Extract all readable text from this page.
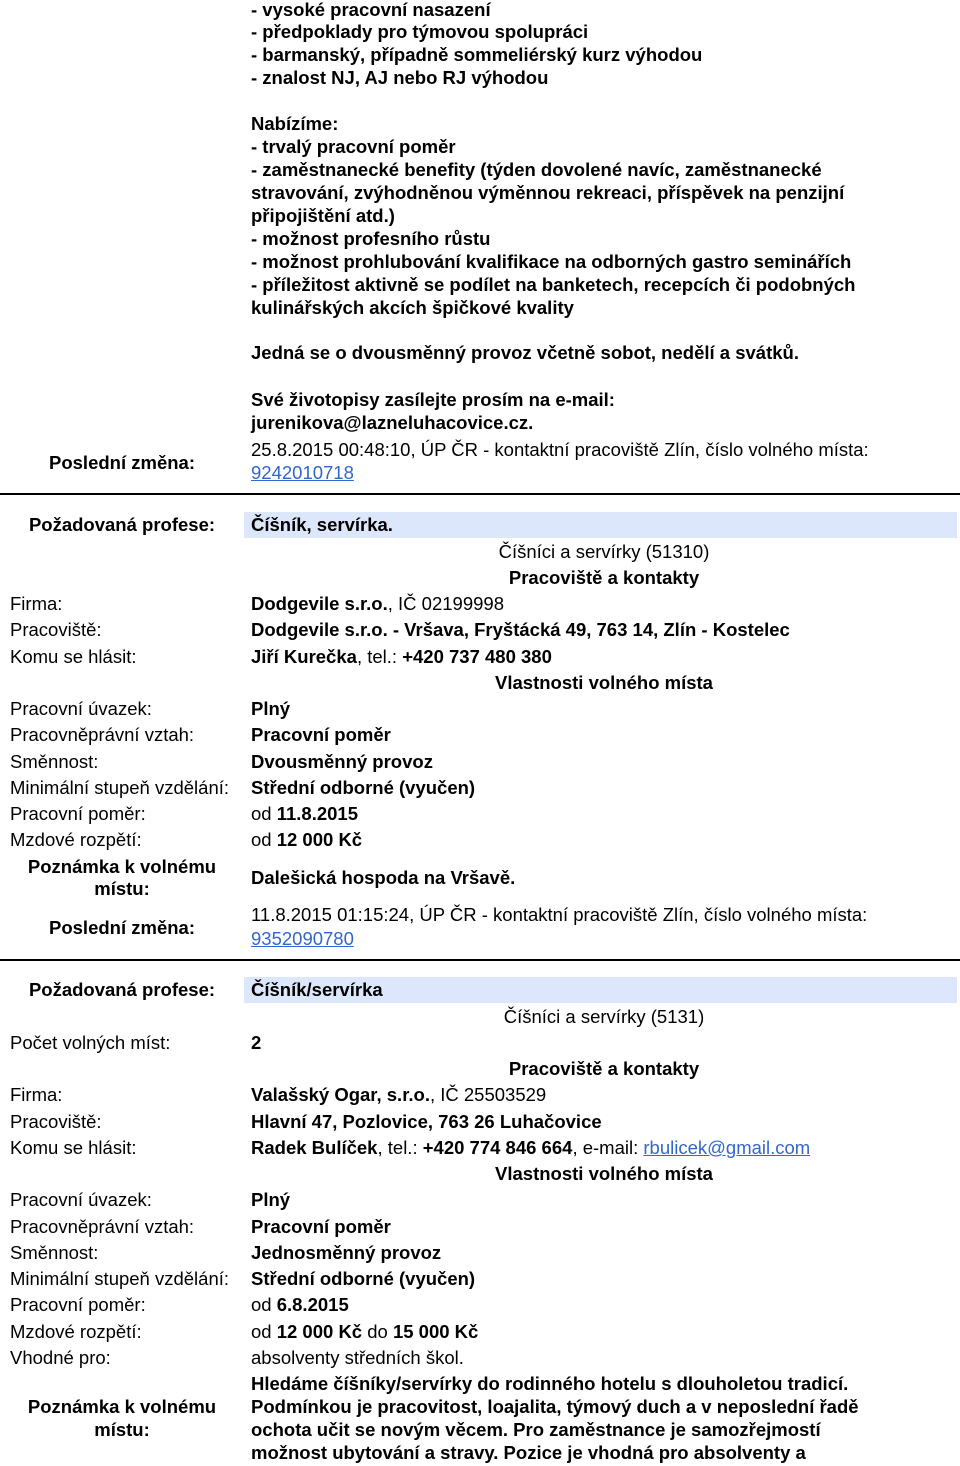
- vysoké pracovní nasazení
- předpoklady pro týmovou spolupráci
- barmanský, případně sommeliérský kurz výhodou
- znalost NJ, AJ nebo RJ výhodou
Nabízíme:
- trvalý pracovní poměr
- zaměstnanecké benefity (týden dovolené navíc, zaměstnanecké
stravování, zvýhodněnou výměnnou rekreaci, příspěvek na penzijní
připojištění atd.)
- možnost profesního růstu
- možnost prohlubování kvalifikace na odborných gastro seminářích
- příležitost aktivně se podílet na banketech, recepcích či podobných
kulinářských akcích špičkové kvality
Jedná se o dvousměnný provoz včetně sobot, nedělí a svátků.
Své životopisy zasílejte prosím na e-mail:
jurenikova@lazneluhacovice.cz.
Poslední změna:
25.8.2015 00:48:10, ÚP ČR - kontaktní pracoviště Zlín, číslo volného místa:
9242010718
Požadovaná profese:	Číšník, servírka.
Číšníci a servírky (51310)
Pracoviště a kontakty
Firma:	Dodgevile s.r.o., IČ 02199998
Pracoviště:	Dodgevile s.r.o. - Vršava, Fryštácká 49, 763 14, Zlín - Kostelec
Komu se hlásit:	Jiří Kurečka, tel.: +420 737 480 380
Vlastnosti volného místa
Pracovní úvazek:	Plný
Pracovněprávní vztah:	Pracovní poměr
Směnnost:	Dvousměnný provoz
Minimální stupeň vzdělání: Střední odborné (vyučen)
Pracovní poměr:	od 11.8.2015
Mzdové rozpětí:	od 12 000 Kč
Poznámka k volnému
místu:
Dalešická hospoda na Vršavě.
Poslední změna:
11.8.2015 01:15:24, ÚP ČR - kontaktní pracoviště Zlín, číslo volného místa:
9352090780
Požadovaná profese:	Číšník/servírka
Číšníci a servírky (5131)
Počet volných míst:	2
Pracoviště a kontakty
Firma:	Valašský Ogar, s.r.o., IČ 25503529
Pracoviště:	Hlavní 47, Pozlovice, 763 26 Luhačovice
Komu se hlásit:	Radek Bulíček, tel.: +420 774 846 664, e-mail: rbulicek@gmail.com
Vlastnosti volného místa
Pracovní úvazek:	Plný
Pracovněprávní vztah:	Pracovní poměr
Směnnost:	Jednosměnný provoz
Minimální stupeň vzdělání: Střední odborné (vyučen)
Pracovní poměr:	od 6.8.2015
Mzdové rozpětí:	od 12 000 Kč do 15 000 Kč
Vhodné pro:	absolventy středních škol.
Poznámka k volnému
místu:
Hledáme číšníky/servírky do rodinného hotelu s dlouholetou tradicí.
Podmínkou je pracovitost, loajalita, týmový duch a v neposlední řadě
ochota učit se novým věcem. Pro zaměstnance je samozřejmostí
možnost ubytování a stravy. Pozice je vhodná pro absolventy a
